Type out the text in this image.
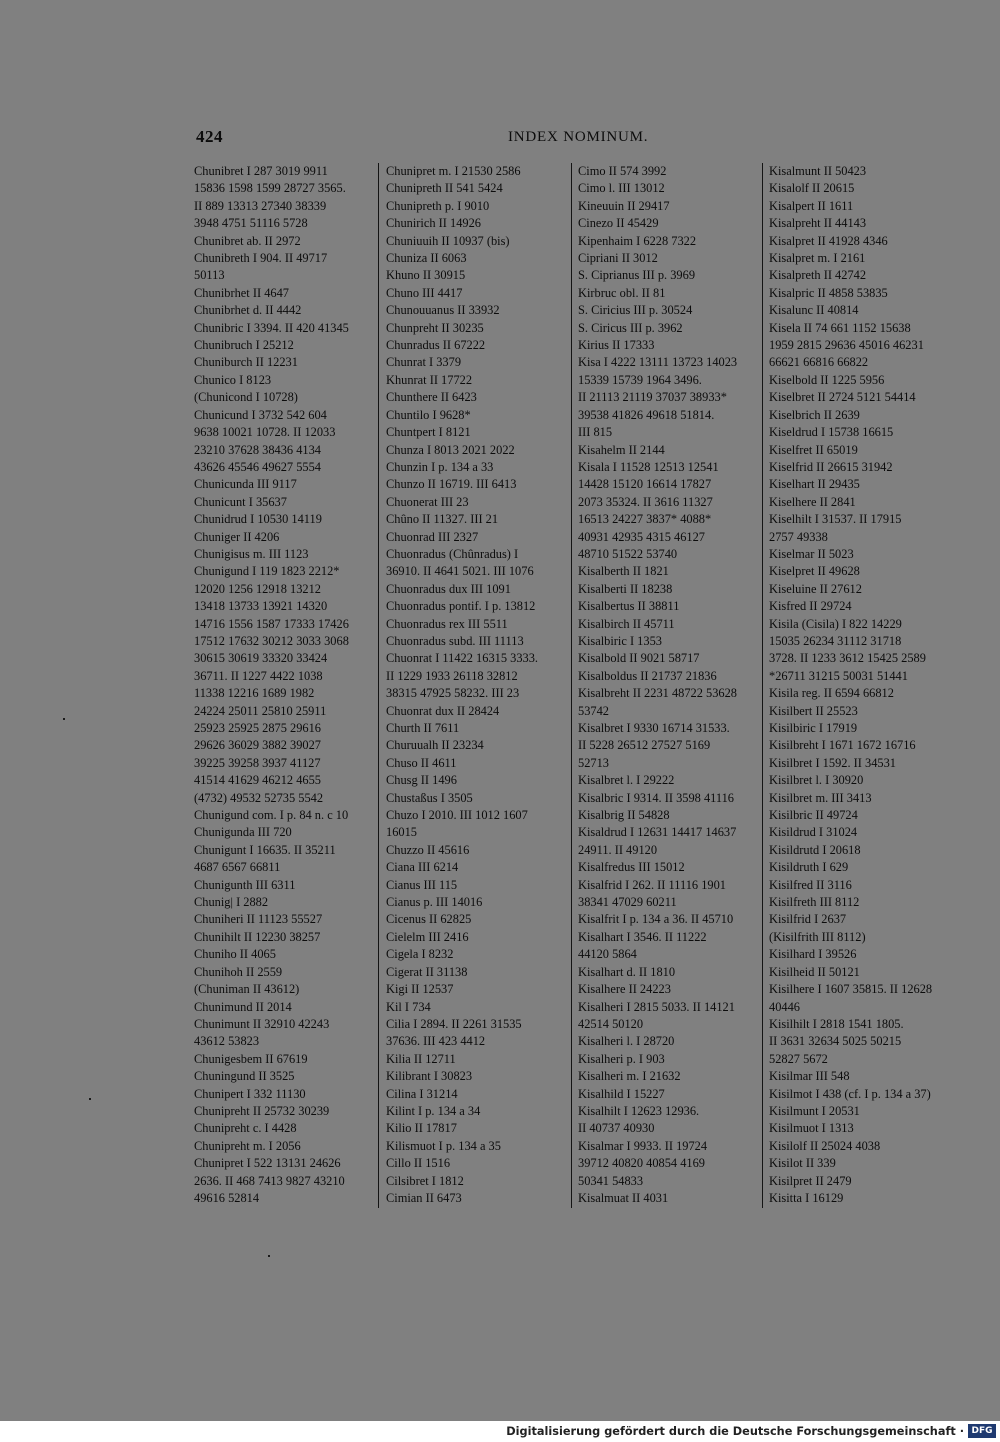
424	INDEX NOMINUM.
Chunibret I 287 3019 9911
15836 1598 1599 28727 3565.
II 889 13313 27340 38339
3948 4751 51116 5728
Chunibret ab. II 2972
Chunibreth I 904. II 49717
50113
Chunibrhet II 4647
Chunibrhet d. II 4442
Chunibric I 3394. II 420 41345
Chunibruch I 25212
Chuniburch II 12231
Chunico I 8123
(Chunicond I 10728)
Chunicund I 3732 542 604
9638 10021 10728. II 12033
23210 37628 38436 4134
43626 45546 49627 5554
Chunicunda III 9117
Chunicunt I 35637
Chunidrud I 10530 14119
Chuniger II 4206
Chunigisus m. III 1123
Chunigund I 119 1823 2212*
12020 1256 12918 13212
13418 13733 13921 14320
14716 1556 1587 17333 17426
17512 17632 30212 3033 3068
30615 30619 33320 33424
36711. II 1227 4422 1038
11338 12216 1689 1982
24224 25011 25810 25911
25923 25925 2875 29616
29626 36029 3882 39027
39225 39258 3937 41127
41514 41629 46212 4655
(4732) 49532 52735 5542
Chunigund com. I p. 84 n. c 10
Chunigunda III 720
Chunigunt I 16635. II 35211
4687 6567 66811
Chunigunth III 6311
Chunig| I 2882
Chuniheri II 11123 55527
Chunihilt II 12230 38257
Chuniho II 4065
Chunihoh II 2559
(Chuniman II 43612)
Chunimund II 2014
Chunimunt II 32910 42243
43612 53823
Chunigesbem II 67619
Chuningund II 3525
Chunipert I 332 11130
Chunipreht II 25732 30239
Chunipreht c. I 4428
Chunipreht m. I 2056
Chunipret I 522 13131 24626
2636. II 468 7413 9827 43210
49616 52814
Chunipret m. I 21530 2586
Chunipreth II 541 5424
Chunipreth p. I 9010
Chunirich II 14926
Chuniuuih II 10937 (bis)
Chuniza II 6063
Khuno II 30915
Chuno III 4417
Chunouuanus II 33932
Chunpreht II 30235
Chunradus II 67222
Chunrat I 3379
Khunrat II 17722
Chunthere II 6423
Chuntilo I 9628*
Chuntpert I 8121
Chunza I 8013 2021 2022
Chunzin I p. 134 a 33
Chunzo II 16719. III 6413
Chuonerat III 23
Chûno II 11327. III 21
Chuonrad III 2327
Chuonradus (Chûnradus) I
36910. II 4641 5021. III 1076
Chuonradus dux III 1091
Chuonradus pontif. I p. 13812
Chuonradus rex III 5511
Chuonradus subd. III 11113
Chuonrat I 11422 16315 3333.
II 1229 1933 26118 32812
38315 47925 58232. III 23
Chuonrat dux II 28424
Churth II 7611
Churuualh II 23234
Chuso II 4611
Chusg II 1496
Chustaßus I 3505
Chuzo I 2010. III 1012 1607
16015
Chuzzo II 45616
Ciana III 6214
Cianus III 115
Cianus p. III 14016
Cicenus II 62825
Cielelm III 2416
Cigela I 8232
Cigerat II 31138
Kigi II 12537
Kil I 734
Cilia I 2894. II 2261 31535
37636. III 423 4412
Kilia II 12711
Kilibrant I 30823
Cilina I 31214
Kilint I p. 134 a 34
Kilio II 17817
Kilismuot I p. 134 a 35
Cillo II 1516
Cilsibret I 1812
Cimian II 6473
Cimo II 574 3992
Cimo l. III 13012
Kineuuin II 29417
Cinezo II 45429
Kipenhaim I 6228 7322
Cipriani II 3012
S. Ciprianus III p. 3969
Kirbruc obl. II 81
S. Ciricius III p. 30524
S. Ciricus III p. 3962
Kirius II 17333
Kisa I 4222 13111 13723 14023
15339 15739 1964 3496.
II 21113 21119 37037 38933*
39538 41826 49618 51814.
III 815
Kisahelm II 2144
Kisala I 11528 12513 12541
14428 15120 16614 17827
2073 35324. II 3616 11327
16513 24227 3837* 4088*
40931 42935 4315 46127
48710 51522 53740
Kisalberth II 1821
Kisalberti II 18238
Kisalbertus II 38811
Kisalbirch II 45711
Kisalbiric I 1353
Kisalbold II 9021 58717
Kisalboldus II 21737 21836
Kisalbreht II 2231 48722 53628
53742
Kisalbret I 9330 16714 31533.
II 5228 26512 27527 5169
52713
Kisalbret l. I 29222
Kisalbric I 9314. II 3598 41116
Kisalbrig II 54828
Kisaldrud I 12631 14417 14637
24911. II 49120
Kisalfredus III 15012
Kisalfrid I 262. II 11116 1901
38341 47029 60211
Kisalfrit I p. 134 a 36. II 45710
Kisalhart I 3546. II 11222
44120 5864
Kisalhart d. II 1810
Kisalhere II 24223
Kisalheri I 2815 5033. II 14121
42514 50120
Kisalheri l. I 28720
Kisalheri p. I 903
Kisalheri m. I 21632
Kisalhild I 15227
Kisalhilt I 12623 12936.
II 40737 40930
Kisalmar I 9933. II 19724
39712 40820 40854 4169
50341 54833
Kisalmuat II 4031
Kisalmunt II 50423
Kisalolf II 20615
Kisalpert II 1611
Kisalpreht II 44143
Kisalpret II 41928 4346
Kisalpret m. I 2161
Kisalpreth II 42742
Kisalpric II 4858 53835
Kisalunc II 40814
Kisela II 74 661 1152 15638
1959 2815 29636 45016 46231
66621 66816 66822
Kiselbold II 1225 5956
Kiselbret II 2724 5121 54414
Kiselbrich II 2639
Kiseldrud I 15738 16615
Kiselfret II 65019
Kiselfrid II 26615 31942
Kiselhart II 29435
Kiselhere II 2841
Kiselhilt I 31537. II 17915
2757 49338
Kiselmar II 5023
Kiselpret II 49628
Kiseluine II 27612
Kisfred II 29724
Kisila (Cisila) I 822 14229
15035 26234 31112 31718
3728. II 1233 3612 15425 2589
*26711 31215 50031 51441
Kisila reg. II 6594 66812
Kisilbert II 25523
Kisilbiric I 17919
Kisilbreht I 1671 1672 16716
Kisilbret I 1592. II 34531
Kisilbret l. I 30920
Kisilbret m. III 3413
Kisilbric II 49724
Kisildrud I 31024
Kisildrutd I 20618
Kisildruth I 629
Kisilfred II 3116
Kisilfreth III 8112
Kisilfrid I 2637
(Kisilfrith III 8112)
Kisilhard I 39526
Kisilheid II 50121
Kisilhere I 1607 35815. II 12628
40446
Kisilhilt I 2818 1541 1805.
II 3631 32634 5025 50215
52827 5672
Kisilmar III 548
Kisilmot I 438 (cf. I p. 134 a 37)
Kisilmunt I 20531
Kisilmuot I 1313
Kisilolf II 25024 4038
Kisilot II 339
Kisilpret II 2479
Kisitta I 16129
Digitalisierung gefördert durch die Deutsche Forschungsgemeinschaft · DFG
